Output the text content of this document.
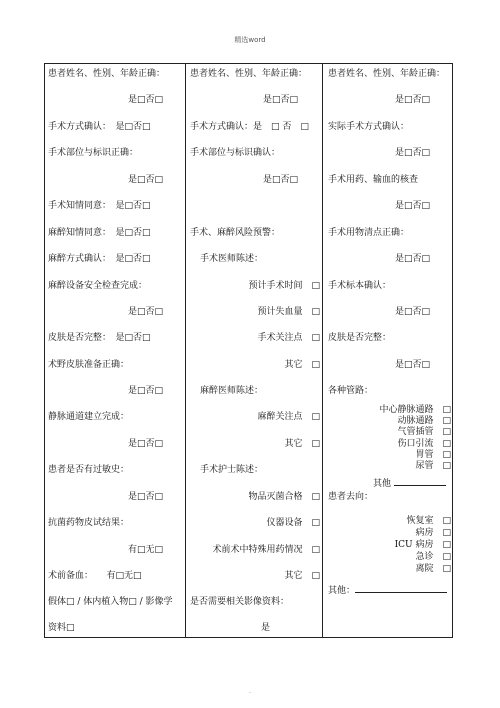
精选word
患者姓名、性别、年龄正确：
是□否□
手术方式确认：　是□否□
手术部位与标识正确：
是□否□
手术知情同意：　是□否□
麻醉知情同意：　是□否□
麻醉方式确认：　是□否□
麻醉设备安全检查完成：
是□否□
皮肤是否完整：　是□否□
术野皮肤准备正确：
是□否□
静脉通道建立完成：
是□否□
患者是否有过敏史：
是□否□
抗菌药物皮试结果：
有□无□
术前备血：　　有□无□
假体□ / 体内植入物□ / 影像学
资料□
患者姓名、性别、年龄正确：
是□否□
手术方式确认：是　□ 否　□
手术部位与标识确认：
是□否□
手术、麻醉风险预警：
手术医师陈述：
预计手术时间　□
预计失血量　□
手术关注点　□
其它　□
麻醉医师陈述：
麻醉关注点　□
其它　□
手术护士陈述：
物品灭菌合格　□
仪器设备　□
术前术中特殊用药情况　□
其它　□
是否需要相关影像资料：
是
患者姓名、性别、年龄正确：
是□否□
实际手术方式确认：
是□否□
手术用药、输血的核查
是□否□
手术用物清点正确：
是□否□
手术标本确认：
是□否□
皮肤是否完整：
是□否□
各种管路：
中心静脉通路　□
动脉通路　□
气管插管　□
伤口引流　□
胃管　□
尿管　□
其他
患者去向：
恢复室　□
病房　□
ICU 病房　□
急诊　□
离院　□
其他：
.
